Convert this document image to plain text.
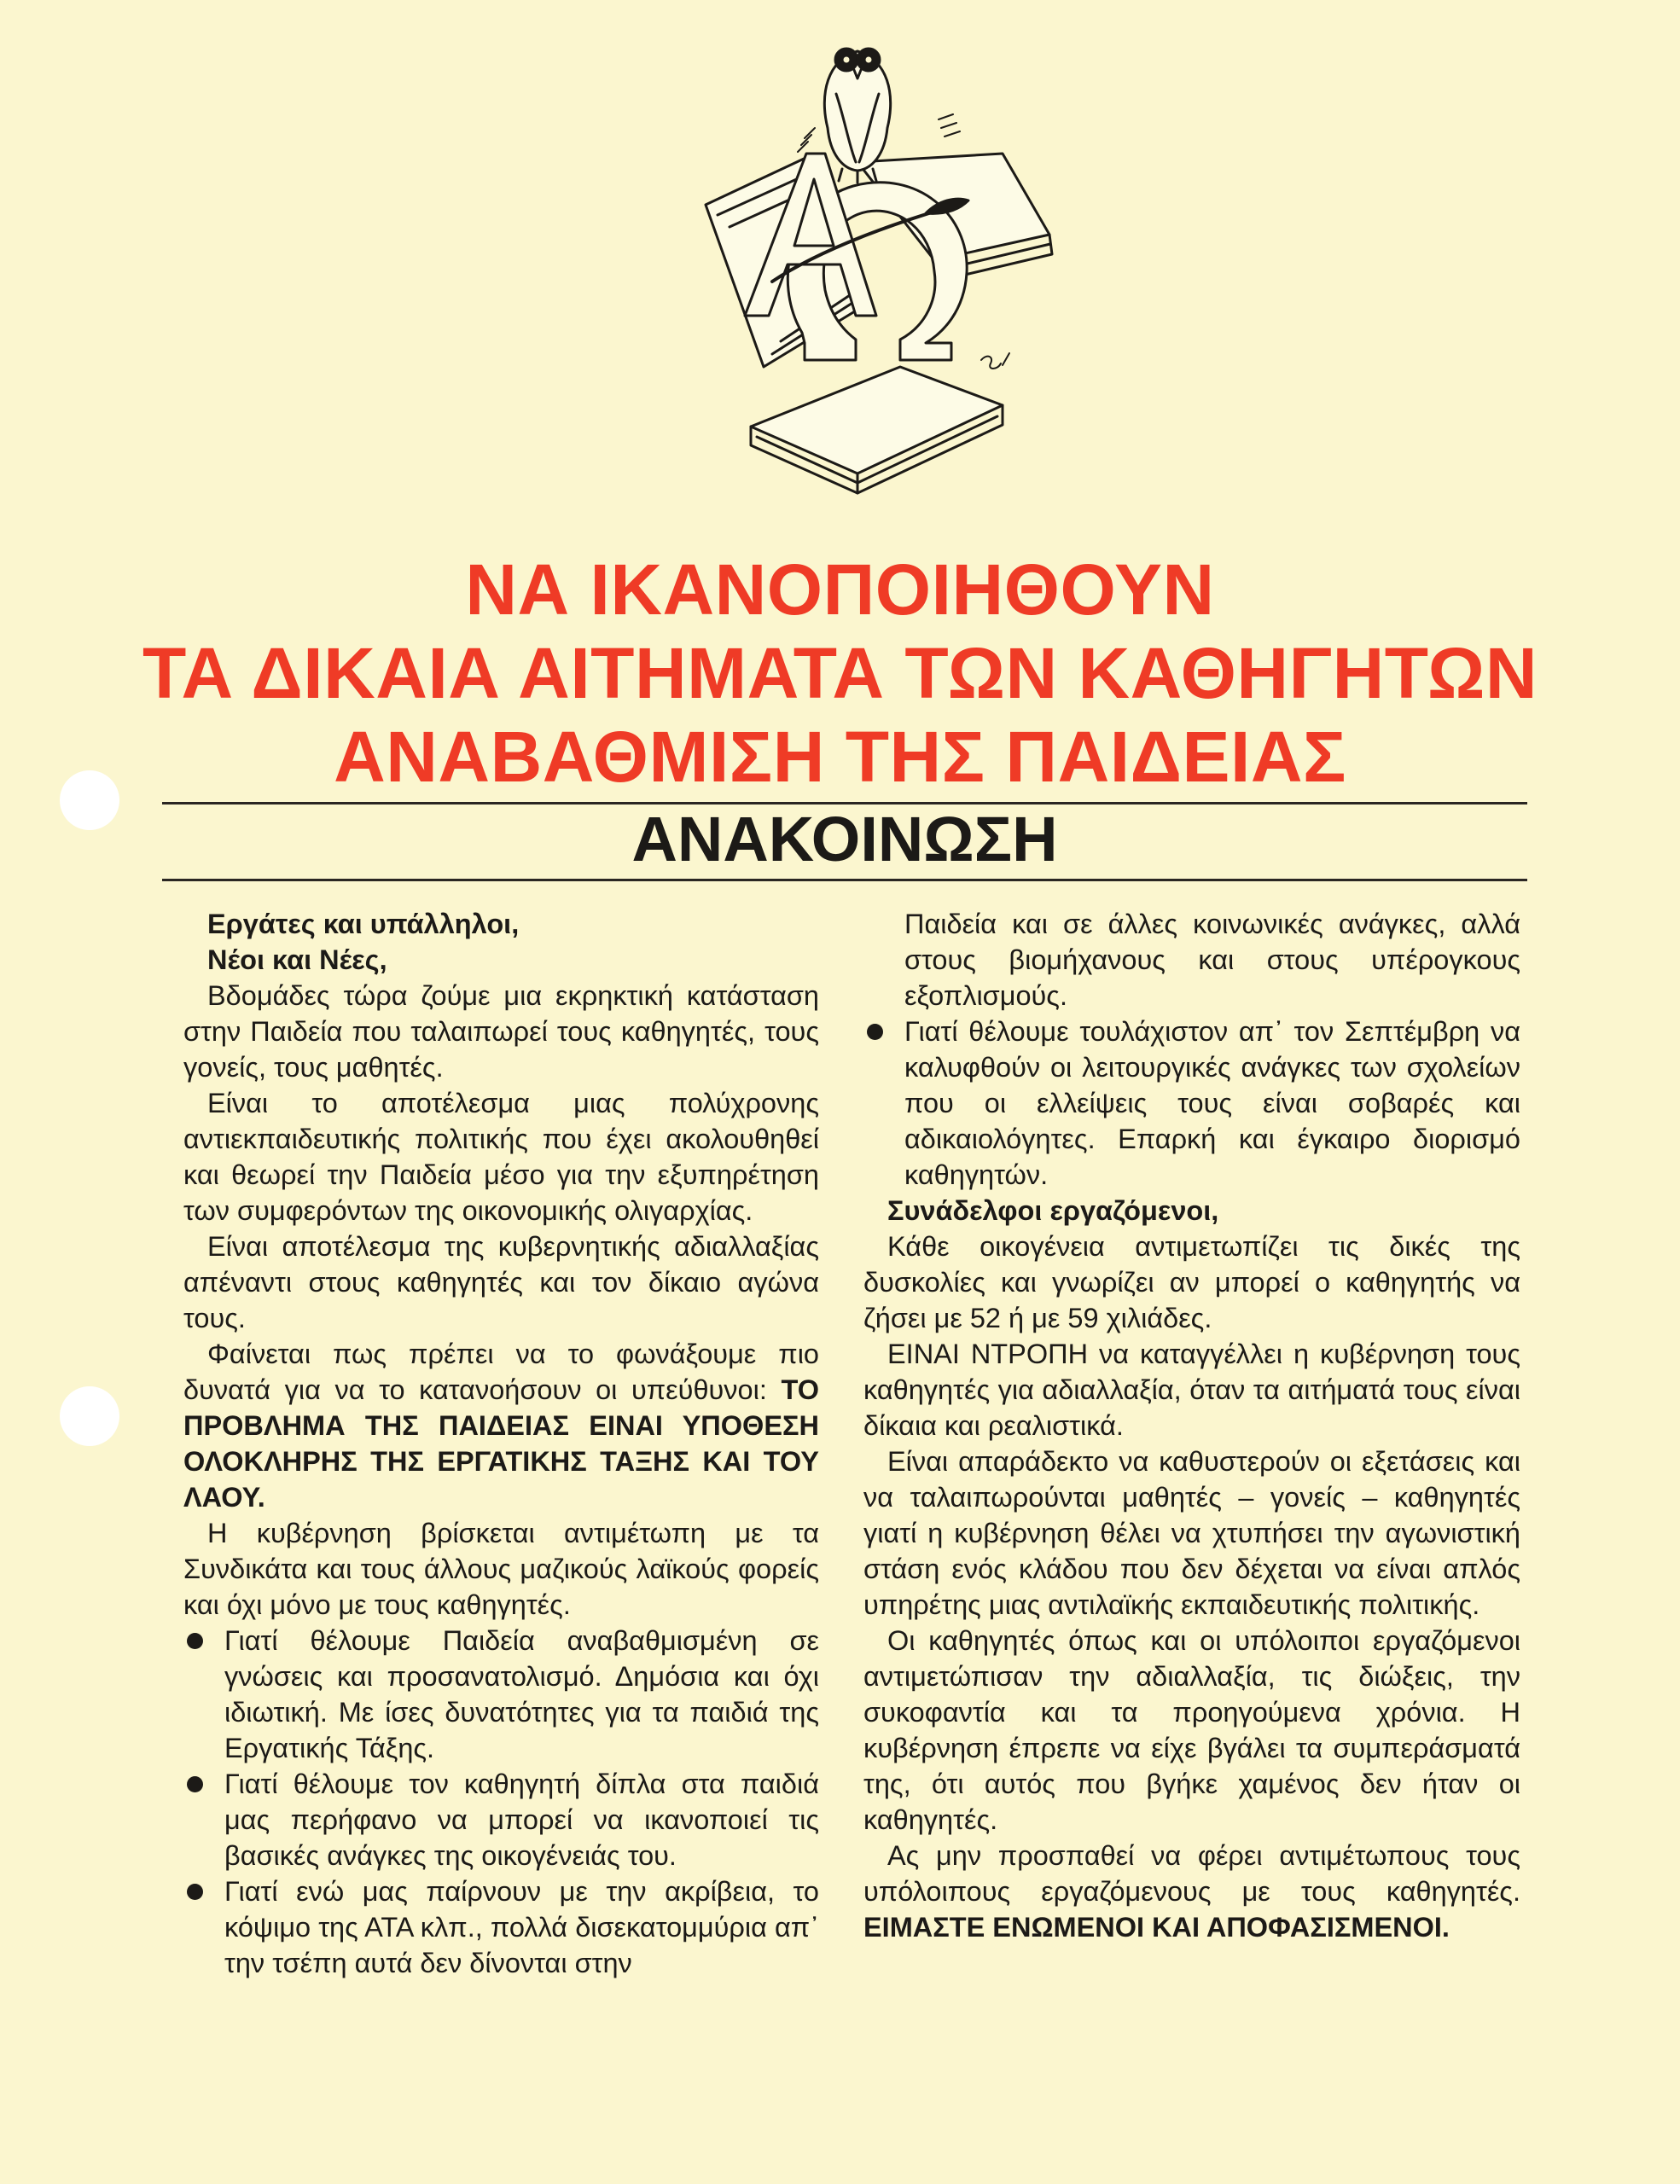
ΝΑ ΙΚΑΝΟΠΟΙΗΘΟΥΝ
ΤΑ ΔΙΚΑΙΑ ΑΙΤΗΜΑΤΑ ΤΩΝ ΚΑΘΗΓΗΤΩΝ
ΑΝΑΒΑΘΜΙΣΗ ΤΗΣ ΠΑΙΔΕΙΑΣ
ΑΝΑΚΟΙΝΩΣΗ

Εργάτες και υπάλληλοι,

Νέοι και Νέες,

Βδομάδες τώρα ζούμε μια εκρηκτική κατάσταση στην Παιδεία που ταλαιπωρεί τους καθηγητές, τους γονείς, τους μαθητές.

Είναι το αποτέλεσμα μιας πολύχρονης αντιεκπαιδευτικής πολιτικής που έχει ακολουθηθεί και θεωρεί την Παιδεία μέσο για την εξυπηρέτηση των συμφερόντων της οικονομικής ολιγαρχίας.

Είναι αποτέλεσμα της κυβερνητικής αδιαλλαξίας απέναντι στους καθηγητές και τον δίκαιο αγώνα τους.

Φαίνεται πως πρέπει να το φωνάξουμε πιο δυνατά για να το κατανοήσουν οι υπεύθυνοι: ΤΟ ΠΡΟΒΛΗΜΑ ΤΗΣ ΠΑΙΔΕΙΑΣ ΕΙΝΑΙ ΥΠΟΘΕΣΗ ΟΛΟΚΛΗΡΗΣ ΤΗΣ ΕΡΓΑΤΙΚΗΣ ΤΑΞΗΣ ΚΑΙ ΤΟΥ ΛΑΟΥ.

Η κυβέρνηση βρίσκεται αντιμέτωπη με τα Συνδικάτα και τους άλλους μαζικούς λαϊκούς φορείς και όχι μόνο με τους καθηγητές.

Γιατί θέλουμε Παιδεία αναβαθμισμένη σε γνώσεις και προσανατολισμό. Δημόσια και όχι ιδιωτική. Με ίσες δυνατότητες για τα παιδιά της Εργατικής Τάξης.
Γιατί θέλουμε τον καθηγητή δίπλα στα παιδιά μας περήφανο να μπορεί να ικανοποιεί τις βασικές ανάγκες της οικογένειάς του.
Γιατί ενώ μας παίρνουν με την ακρίβεια, το κόψιμο της ΑΤΑ κλπ., πολλά δισεκατομμύρια απ᾽ την τσέπη αυτά δεν δίνονται στην

Παιδεία και σε άλλες κοινωνικές ανάγκες, αλλά στους βιομήχανους και στους υπέρογκους εξοπλισμούς.

Γιατί θέλουμε τουλάχιστον απ᾽ τον Σεπτέμβρη να καλυφθούν οι λειτουργικές ανάγκες των σχολείων που οι ελλείψεις τους είναι σοβαρές και αδικαιολόγητες. Επαρκή και έγκαιρο διορισμό καθηγητών.

Συνάδελφοι εργαζόμενοι,

Κάθε οικογένεια αντιμετωπίζει τις δικές της δυσκολίες και γνωρίζει αν μπορεί ο καθηγητής να ζήσει με 52 ή με 59 χιλιάδες.

ΕΙΝΑΙ ΝΤΡΟΠΗ να καταγγέλλει η κυβέρνηση τους καθηγητές για αδιαλλαξία, όταν τα αιτήματά τους είναι δίκαια και ρεαλιστικά.

Είναι απαράδεκτο να καθυστερούν οι εξετάσεις και να ταλαιπωρούνται μαθητές – γονείς – καθηγητές γιατί η κυβέρνηση θέλει να χτυπήσει την αγωνιστική στάση ενός κλάδου που δεν δέχεται να είναι απλός υπηρέτης μιας αντιλαϊκής εκπαιδευτικής πολιτικής.

Οι καθηγητές όπως και οι υπόλοιποι εργαζόμενοι αντιμετώπισαν την αδιαλλαξία, τις διώξεις, την συκοφαντία και τα προηγούμενα χρόνια. Η κυβέρνηση έπρεπε να είχε βγάλει τα συμπεράσματά της, ότι αυτός που βγήκε χαμένος δεν ήταν οι καθηγητές.

Ας μην προσπαθεί να φέρει αντιμέτωπους τους υπόλοιπους εργαζόμενους με τους καθηγητές. ΕΙΜΑΣΤΕ ΕΝΩΜΕΝΟΙ ΚΑΙ ΑΠΟΦΑΣΙΣΜΕΝΟΙ.
